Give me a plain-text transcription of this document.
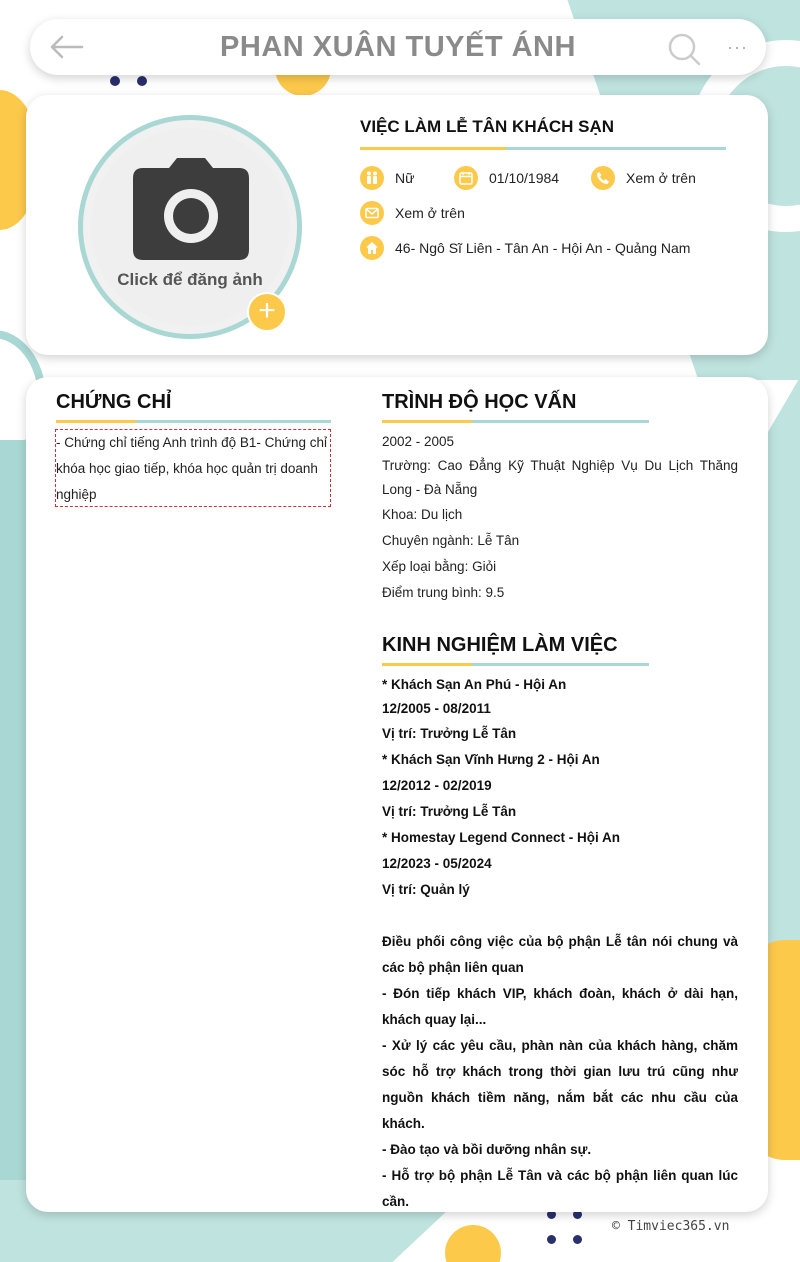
PHAN XUÂN TUYẾT ÁNH	···
Click để đăng ảnh
+
VIỆC LÀM LỄ TÂN KHÁCH SẠN
Nữ	01/10/1984	Xem ở trên
Xem ở trên
46- Ngô Sĩ Liên - Tân An - Hội An - Quảng Nam
CHỨNG CHỈ
- Chứng chỉ tiếng Anh trình độ B1- Chứng chỉ khóa học giao tiếp, khóa học quản trị doanh nghiệp
TRÌNH ĐỘ HỌC VẤN
2002 - 2005
Trường: Cao Đẳng Kỹ Thuật Nghiệp Vụ Du Lịch Thăng Long - Đà Nẵng
Khoa: Du lịch
Chuyên ngành: Lễ Tân
Xếp loại bằng: Giỏi
Điểm trung bình: 9.5
KINH NGHIỆM LÀM VIỆC
* Khách Sạn An Phú - Hội An
12/2005 - 08/2011
Vị trí: Trưởng Lễ Tân
* Khách Sạn Vĩnh Hưng 2 - Hội An
12/2012 - 02/2019
Vị trí: Trưởng Lễ Tân
* Homestay Legend Connect - Hội An
12/2023 - 05/2024
Vị trí: Quản lý
Điều phối công việc của bộ phận Lễ tân nói chung và các bộ phận liên quan
- Đón tiếp khách VIP, khách đoàn, khách ở dài hạn, khách quay lại...
- Xử lý các yêu cầu, phàn nàn của khách hàng, chăm sóc hỗ trợ khách trong thời gian lưu trú cũng như nguồn khách tiềm năng, nắm bắt các nhu cầu của khách.
- Đào tạo và bồi dưỡng nhân sự.
- Hỗ trợ bộ phận Lễ Tân và các bộ phận liên quan lúc cần.
© Timviec365.vn
